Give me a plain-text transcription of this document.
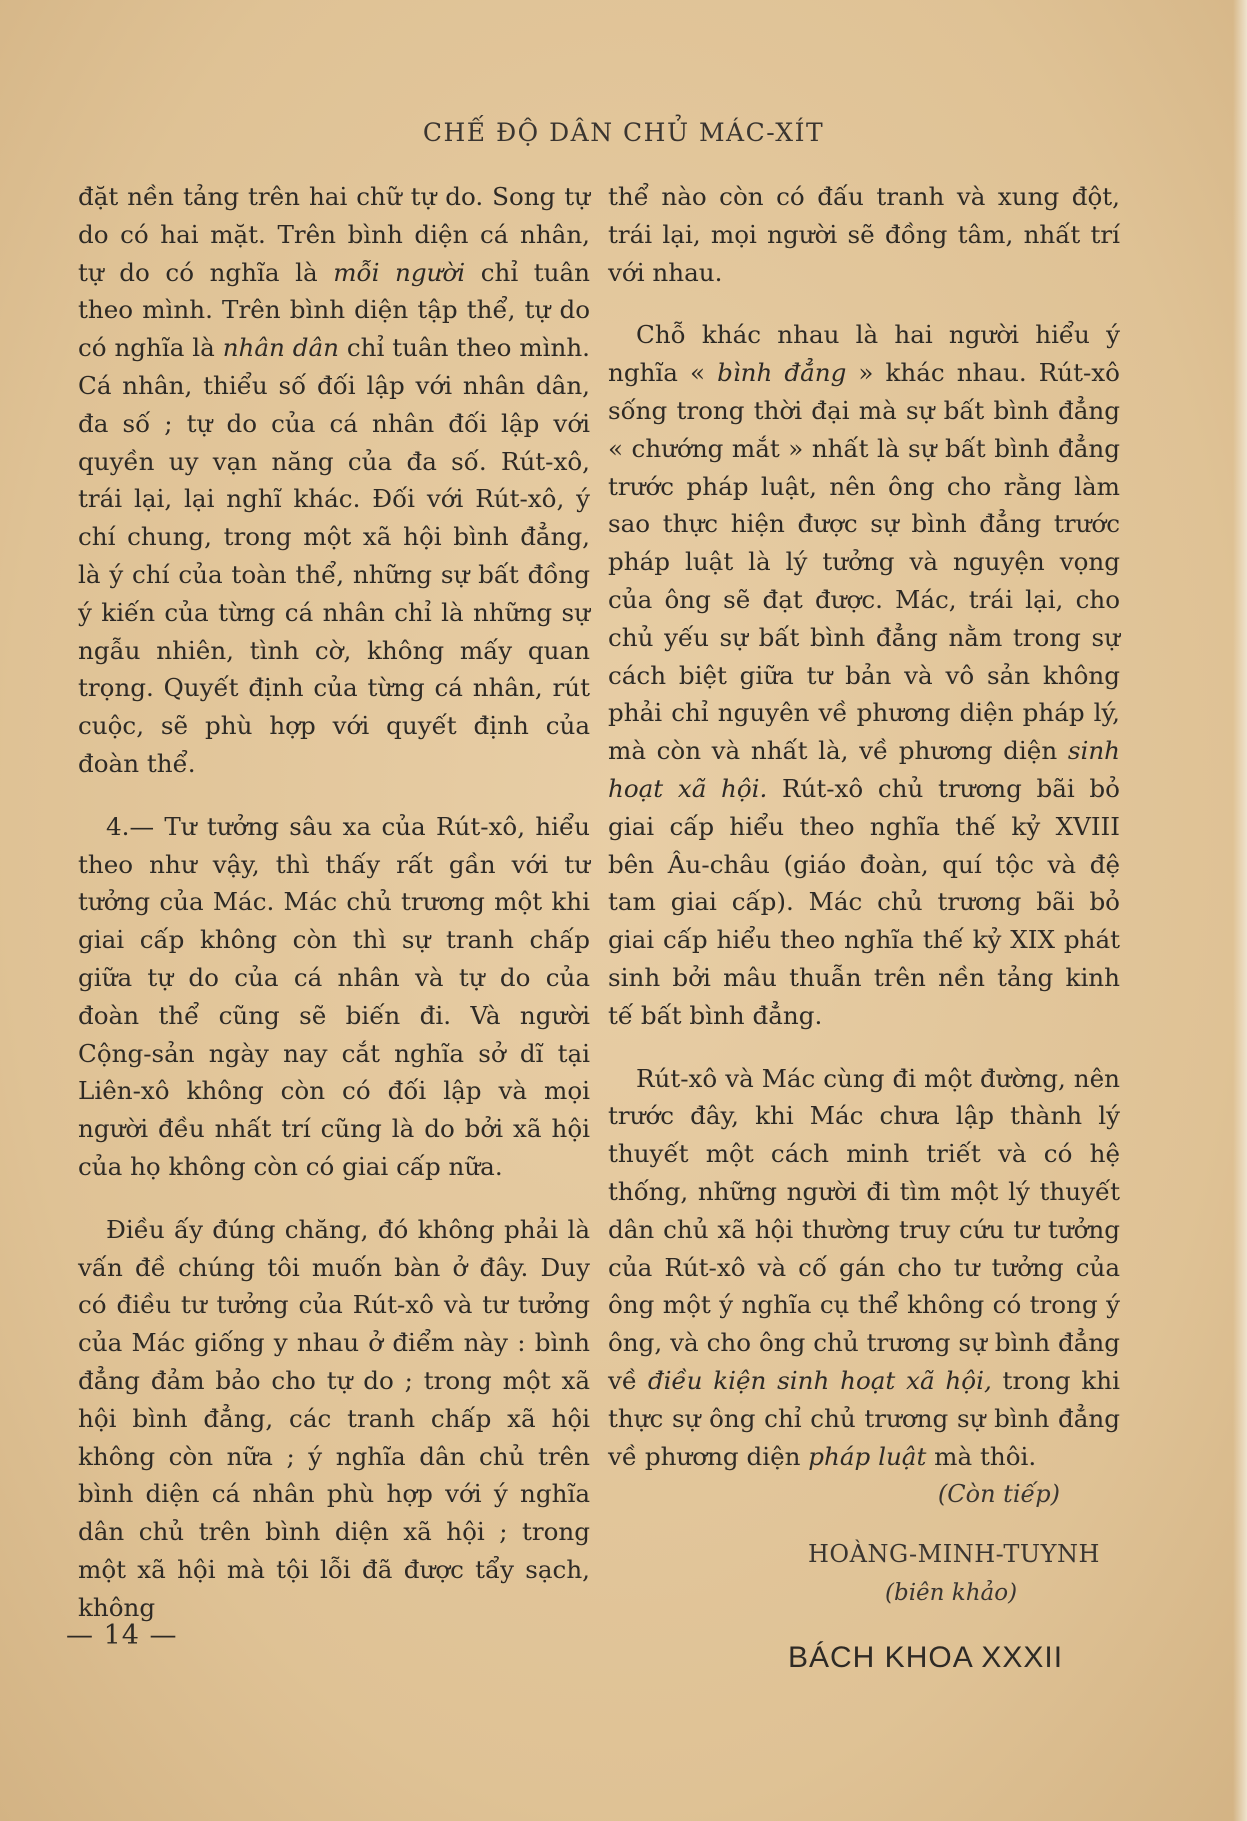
CHẾ ĐỘ DÂN CHỦ MÁC-XÍT

đặt nền tảng trên hai chữ tự do. Song tự do có hai mặt. Trên bình diện cá nhân, tự do có nghĩa là mỗi người chỉ tuân theo mình. Trên bình diện tập thể, tự do có nghĩa là nhân dân chỉ tuân theo mình. Cá nhân, thiểu số đối lập với nhân dân, đa số ; tự do của cá nhân đối lập với quyền uy vạn năng của đa số. Rút-xô, trái lại, lại nghĩ khác. Đối với Rút-xô, ý chí chung, trong một xã hội bình đẳng, là ý chí của toàn thể, những sự bất đồng ý kiến của từng cá nhân chỉ là những sự ngẫu nhiên, tình cờ, không mấy quan trọng. Quyết định của từng cá nhân, rút cuộc, sẽ phù hợp với quyết định của đoàn thể.

4.— Tư tưởng sâu xa của Rút-xô, hiểu theo như vậy, thì thấy rất gần với tư tưởng của Mác. Mác chủ trương một khi giai cấp không còn thì sự tranh chấp giữa tự do của cá nhân và tự do của đoàn thể cũng sẽ biến đi. Và người Cộng-sản ngày nay cắt nghĩa sở dĩ tại Liên-xô không còn có đối lập và mọi người đều nhất trí cũng là do bởi xã hội của họ không còn có giai cấp nữa.

Điều ấy đúng chăng, đó không phải là vấn đề chúng tôi muốn bàn ở đây. Duy có điều tư tưởng của Rút-xô và tư tưởng của Mác giống y nhau ở điểm này : bình đẳng đảm bảo cho tự do ; trong một xã hội bình đẳng, các tranh chấp xã hội không còn nữa ; ý nghĩa dân chủ trên bình diện cá nhân phù hợp với ý nghĩa dân chủ trên bình diện xã hội ; trong một xã hội mà tội lỗi đã được tẩy sạch, không

thể nào còn có đấu tranh và xung đột, trái lại, mọi người sẽ đồng tâm, nhất trí với nhau.

Chỗ khác nhau là hai người hiểu ý nghĩa « bình đẳng » khác nhau. Rút-xô sống trong thời đại mà sự bất bình đẳng « chướng mắt » nhất là sự bất bình đẳng trước pháp luật, nên ông cho rằng làm sao thực hiện được sự bình đẳng trước pháp luật là lý tưởng và nguyện vọng của ông sẽ đạt được. Mác, trái lại, cho chủ yếu sự bất bình đẳng nằm trong sự cách biệt giữa tư bản và vô sản không phải chỉ nguyên về phương diện pháp lý, mà còn và nhất là, về phương diện sinh hoạt xã hội. Rút-xô chủ trương bãi bỏ giai cấp hiểu theo nghĩa thế kỷ XVIII bên Âu-châu (giáo đoàn, quí tộc và đệ tam giai cấp). Mác chủ trương bãi bỏ giai cấp hiểu theo nghĩa thế kỷ XIX phát sinh bởi mâu thuẫn trên nền tảng kinh tế bất bình đẳng.

Rút-xô và Mác cùng đi một đường, nên trước đây, khi Mác chưa lập thành lý thuyết một cách minh triết và có hệ thống, những người đi tìm một lý thuyết dân chủ xã hội thường truy cứu tư tưởng của Rút-xô và cố gán cho tư tưởng của ông một ý nghĩa cụ thể không có trong ý ông, và cho ông chủ trương sự bình đẳng về điều kiện sinh hoạt xã hội, trong khi thực sự ông chỉ chủ trương sự bình đẳng về phương diện pháp luật mà thôi.

(Còn tiếp)
HOÀNG-MINH-TUYNH
(biên khảo)
— 14 —
BÁCH KHOA XXXII
